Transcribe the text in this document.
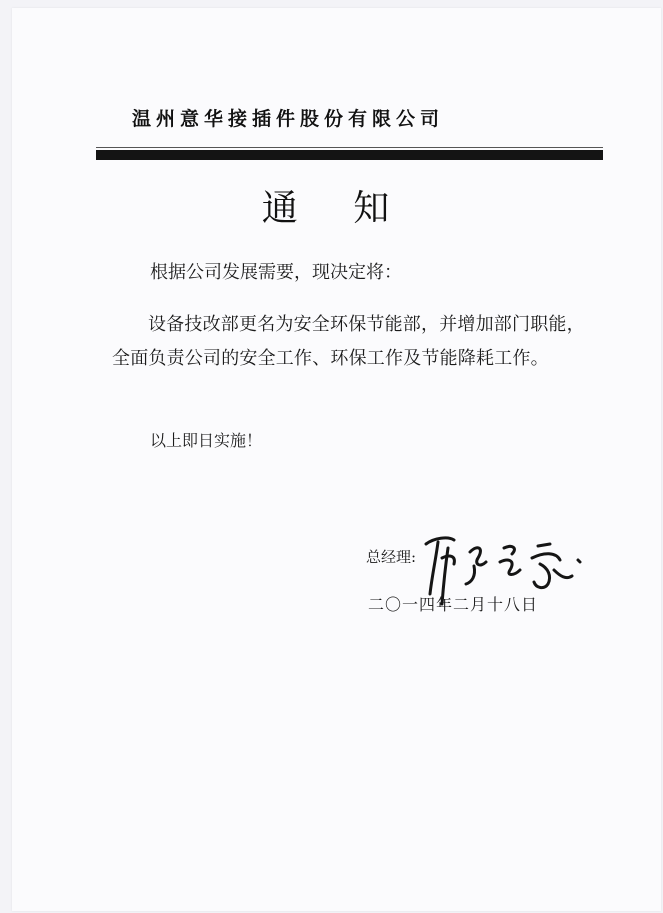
温州意华接插件股份有限公司
通 知
根据公司发展需要，现决定将：
设备技改部更名为安全环保节能部，并增加部门职能，全面负责公司的安全工作、环保工作及节能降耗工作。
以上即日实施！
总经理:
二〇一四年二月十八日
